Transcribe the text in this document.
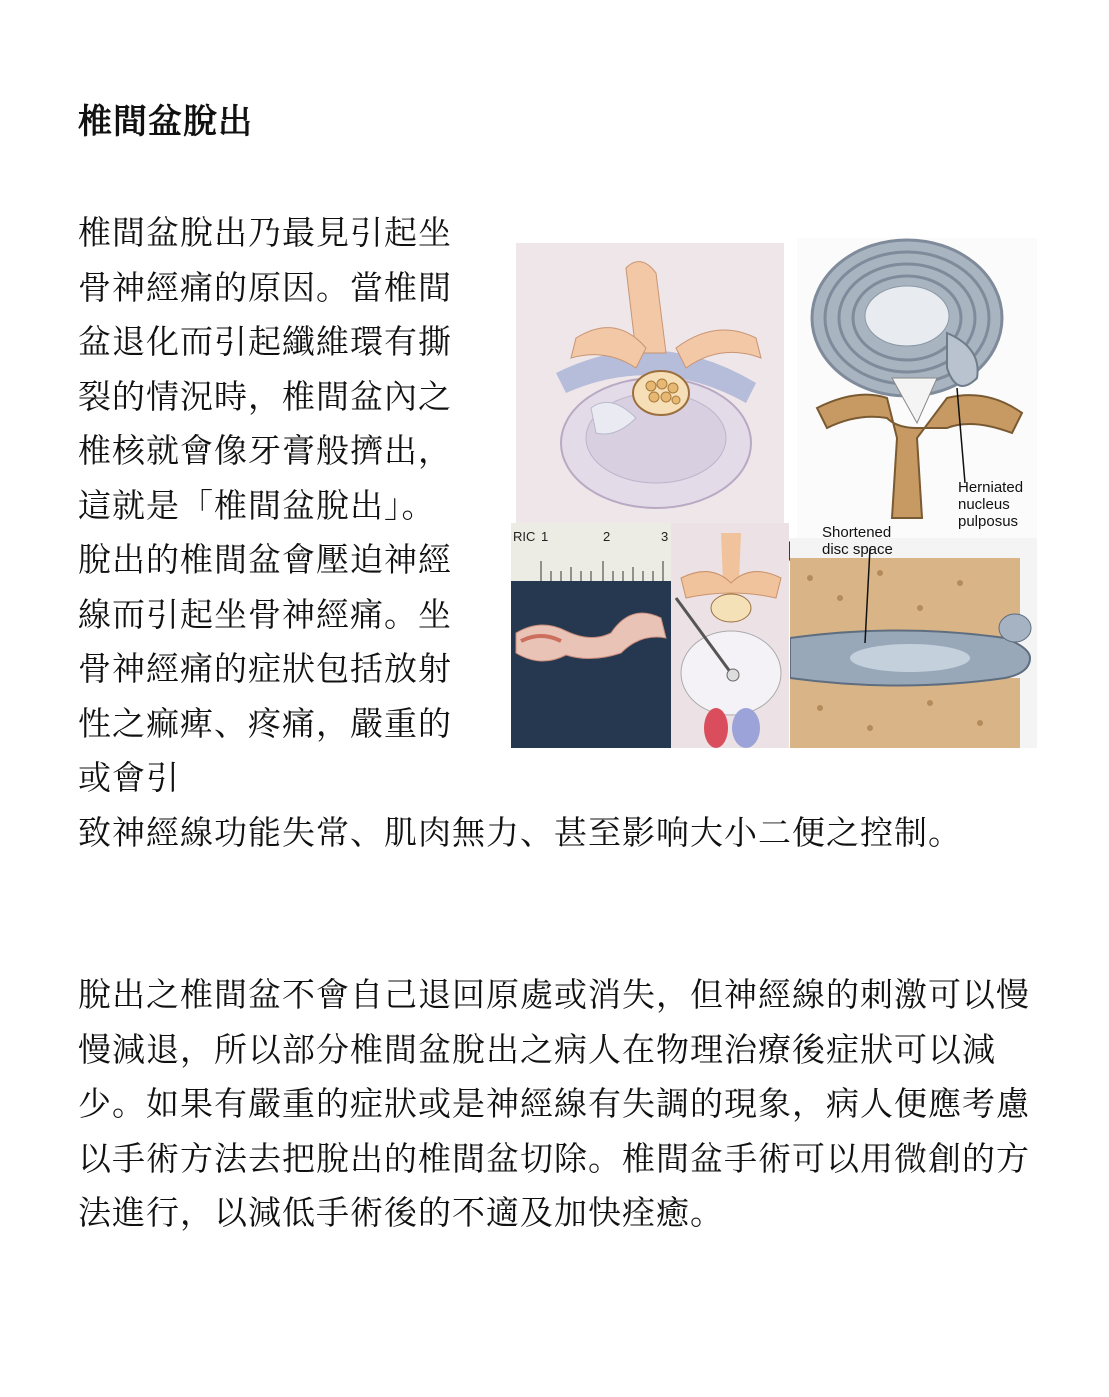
椎間盆脫出
椎間盆脫出乃最見引起坐骨神經痛的原因。當椎間盆退化而引起纖維環有撕裂的情況時，椎間盆內之椎核就會像牙膏般擠出，這就是「椎間盆脫出」。脫出的椎間盆會壓迫神經線而引起坐骨神經痛。坐骨神經痛的症狀包括放射性之痲痺、疼痛，嚴重的或會引
致神經線功能失常、肌肉無力、甚至影响大小二便之控制。
脫出之椎間盆不會自己退回原處或消失，但神經線的刺激可以慢慢減退，所以部分椎間盆脫出之病人在物理治療後症狀可以減少。如果有嚴重的症狀或是神經線有失調的現象，病人便應考慮以手術方法去把脫出的椎間盆切除。椎間盆手術可以用微創的方法進行，以減低手術後的不適及加快痊癒。
Herniated nucleus pulposus
RIC 1	2	3	Shortened disc space
